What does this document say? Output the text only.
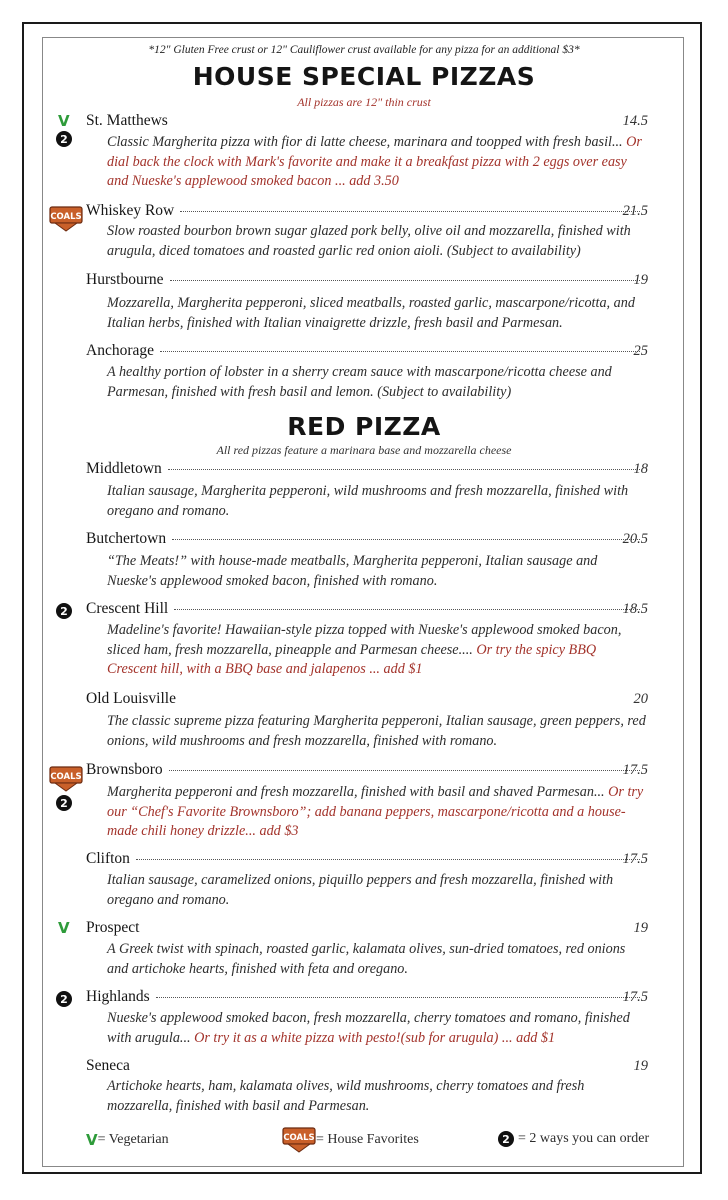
*12" Gluten Free crust or 12" Cauliflower crust available for any pizza for an additional $3*
HOUSE SPECIAL PIZZAS
All pizzas are 12" thin crust
V
2
St. Matthews	14.5
Classic Margherita pizza with fior di latte cheese, marinara and toopped with fresh basil... Or dial back the clock with Mark's favorite and make it a breakfast pizza with 2 eggs over easy and Nueske's applewood smoked bacon ... add 3.50
COALS Whiskey Row	21.5
Slow roasted bourbon brown sugar glazed pork belly, olive oil and mozzarella, finished with arugula, diced tomatoes and roasted garlic red onion aioli. (Subject to availability)
Hurstbourne	19
Mozzarella, Margherita pepperoni, sliced meatballs, roasted garlic, mascarpone/ricotta, and Italian herbs, finished with Italian vinaigrette drizzle, fresh basil and Parmesan.
Anchorage	25
A healthy portion of lobster in a sherry cream sauce with mascarpone/ricotta cheese and Parmesan, finished with fresh basil and lemon. (Subject to availability)
RED PIZZA
All red pizzas feature a marinara base and mozzarella cheese
Middletown	18
Italian sausage, Margherita pepperoni, wild mushrooms and fresh mozzarella, finished with oregano and romano.
Butchertown	20.5
“The Meats!” with house-made meatballs, Margherita pepperoni, Italian sausage and Nueske's applewood smoked bacon, finished with romano.
2 Crescent Hill	18.5
Madeline's favorite! Hawaiian-style pizza topped with Nueske's applewood smoked bacon, sliced ham, fresh mozzarella, pineapple and Parmesan cheese.... Or try the spicy BBQ Crescent hill, with a BBQ base and jalapenos ... add $1
Old Louisville	20
The classic supreme pizza featuring Margherita pepperoni, Italian sausage, green peppers, red onions, wild mushrooms and fresh mozzarella, finished with romano.
COALS
2
Brownsboro	17.5
Margherita pepperoni and fresh mozzarella, finished with basil and shaved Parmesan... Or try our “Chef's Favorite Brownsboro”; add banana peppers, mascarpone/ricotta and a house-made chili honey drizzle... add $3
Clifton	17.5
Italian sausage, caramelized onions, piquillo peppers and fresh mozzarella, finished with oregano and romano.
V Prospect	19
A Greek twist with spinach, roasted garlic, kalamata olives, sun-dried tomatoes, red onions and artichoke hearts, finished with feta and oregano.
2 Highlands	17.5
Nueske's applewood smoked bacon, fresh mozzarella, cherry tomatoes and romano, finished with arugula... Or try it as a white pizza with pesto!(sub for arugula) ... add $1
Seneca	19
Artichoke hearts, ham, kalamata olives, wild mushrooms, cherry tomatoes and fresh mozzarella, finished with basil and Parmesan.
V = Vegetarian	COALS = House Favorites	2 = 2 ways you can order
